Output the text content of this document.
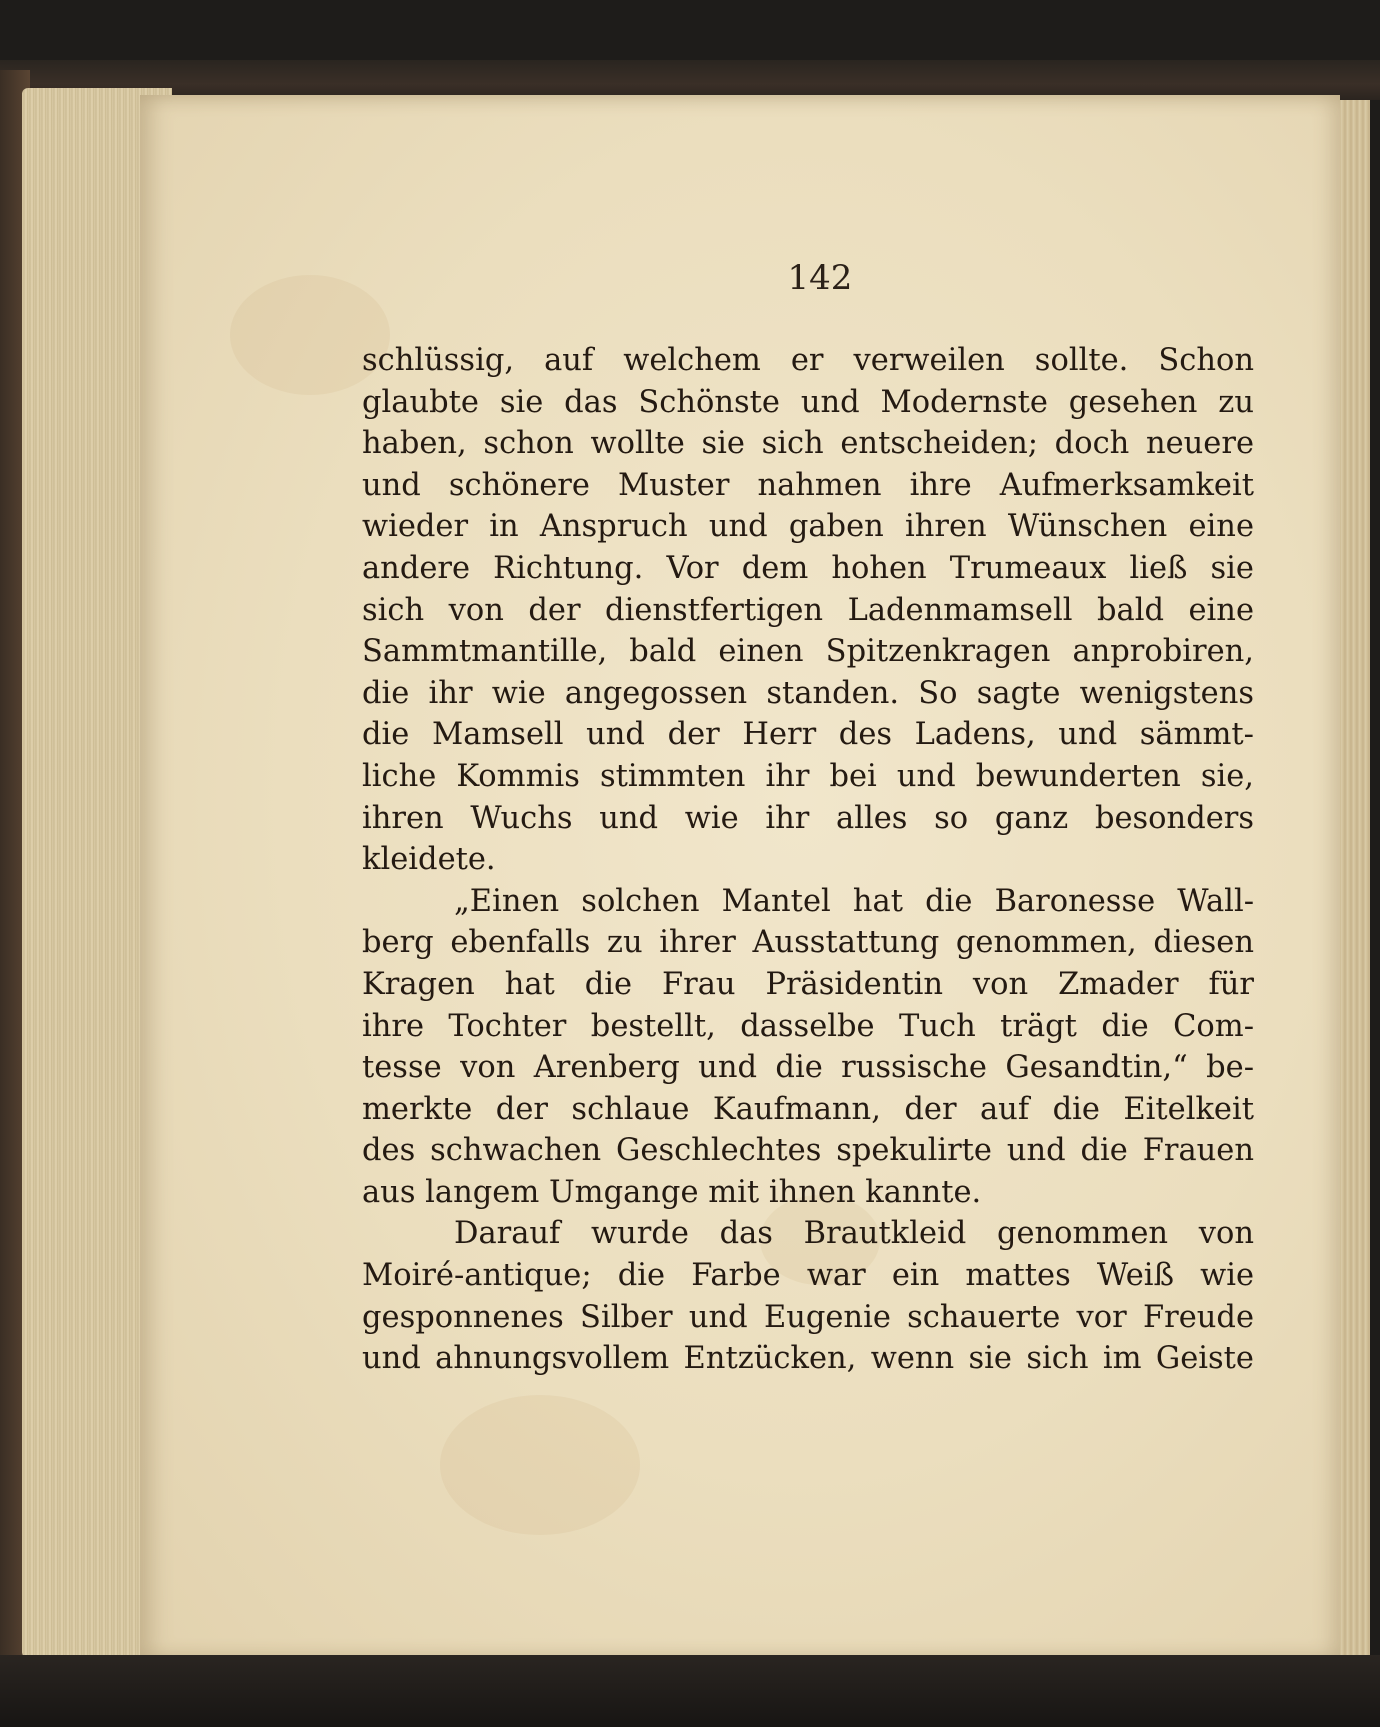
142
schlüssig, auf welchem er verweilen sollte. Schon
glaubte sie das Schönste und Modernste gesehen zu
haben, schon wollte sie sich entscheiden; doch neuere
und schönere Muster nahmen ihre Aufmerksamkeit
wieder in Anspruch und gaben ihren Wünschen eine
andere Richtung. Vor dem hohen Trumeaux ließ sie
sich von der dienstfertigen Ladenmamsell bald eine
Sammtmantille, bald einen Spitzenkragen anprobiren,
die ihr wie angegossen standen. So sagte wenigstens
die Mamsell und der Herr des Ladens, und sämmt-
liche Kommis stimmten ihr bei und bewunderten sie,
ihren Wuchs und wie ihr alles so ganz besonders
kleidete.
„Einen solchen Mantel hat die Baronesse Wall-
berg ebenfalls zu ihrer Ausstattung genommen, diesen
Kragen hat die Frau Präsidentin von Zmader für
ihre Tochter bestellt, dasselbe Tuch trägt die Com-
tesse von Arenberg und die russische Gesandtin,“ be-
merkte der schlaue Kaufmann, der auf die Eitelkeit
des schwachen Geschlechtes spekulirte und die Frauen
aus langem Umgange mit ihnen kannte.
Darauf wurde das Brautkleid genommen von
Moiré-antique; die Farbe war ein mattes Weiß wie
gesponnenes Silber und Eugenie schauerte vor Freude
und ahnungsvollem Entzücken, wenn sie sich im Geiste
